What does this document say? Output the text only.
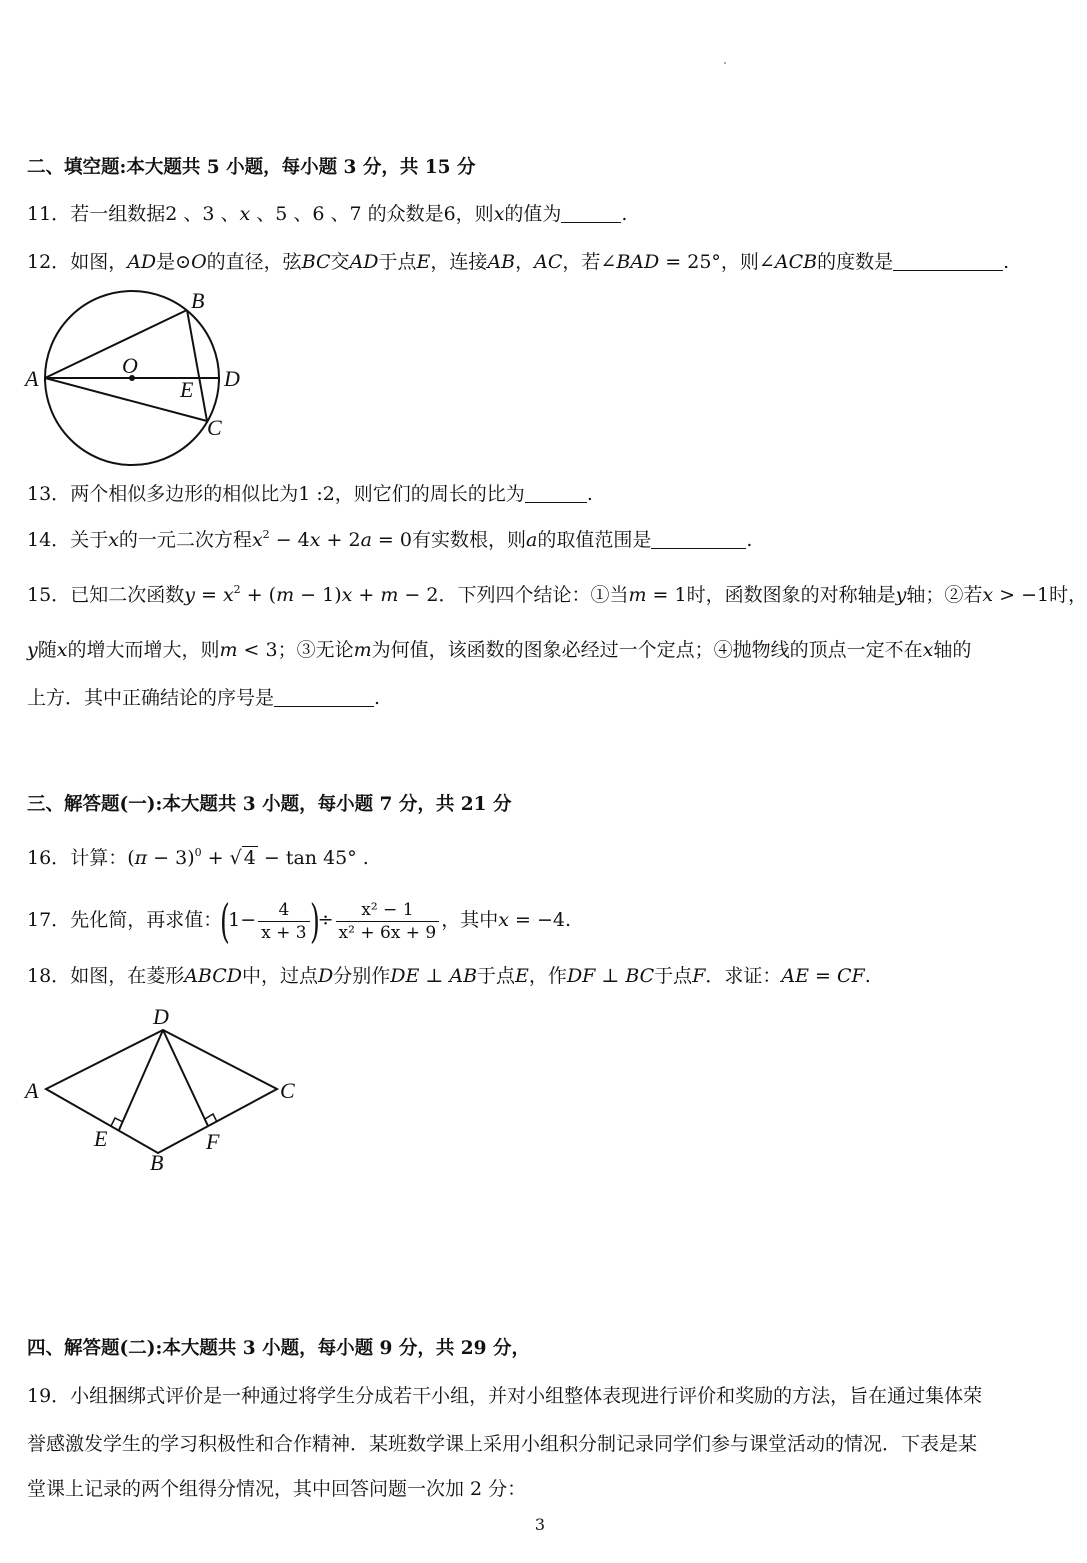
二、填空题:本大题共 5 小题，每小题 3 分，共 15 分
11．若一组数据2 、3 、x 、5 、6 、7 的众数是6，则x的值为	.
12．如图，AD是⊙O的直径，弦BC交AD于点E，连接AB，AC，若∠BAD = 25°，则∠ACB的度数是	.
A
B
C
D
E
O
13．两个相似多边形的相似比为1 :2，则它们的周长的比为	.
14．关于x的一元二次方程$x^2 - 4x + 2a = 0$有实数根，则a的取值范围是	.
15．已知二次函数$y = x^2 + (m - 1)x + m - 2$．下列四个结论：①当m = 1时，函数图象的对称轴是y轴；②若x > −1时，
y随x的增大而增大，则m < 3；③无论m为何值，该函数的图象必经过一个定点；④抛物线的顶点一定不在x轴的
上方．其中正确结论的序号是	.
三、解答题(一):本大题共 3 小题，每小题 7 分，共 21 分
16．计算：$(\pi - 3)^0$ + √ 4 − tan 45° .
17．先化简，再求值：($1- \frac{4}{x + 3}$ )÷ $\frac{\text{x² − 1}}{\text{x² + 6x + 9}}$ ，其中x = −4.
18．如图，在菱形ABCD中，过点D分别作DE ⊥ AB于点E，作DF ⊥ BC于点F．求证：AE = CF.
A
B
C
D
E	F
四、解答题(二):本大题共 3 小题，每小题 9 分，共 29 分，
19．小组捆绑式评价是一种通过将学生分成若干小组，并对小组整体表现进行评价和奖励的方法，旨在通过集体荣
誉感激发学生的学习积极性和合作精神．某班数学课上采用小组积分制记录同学们参与课堂活动的情况．下表是某
堂课上记录的两个组得分情况，其中回答问题一次加 2 分：
3
